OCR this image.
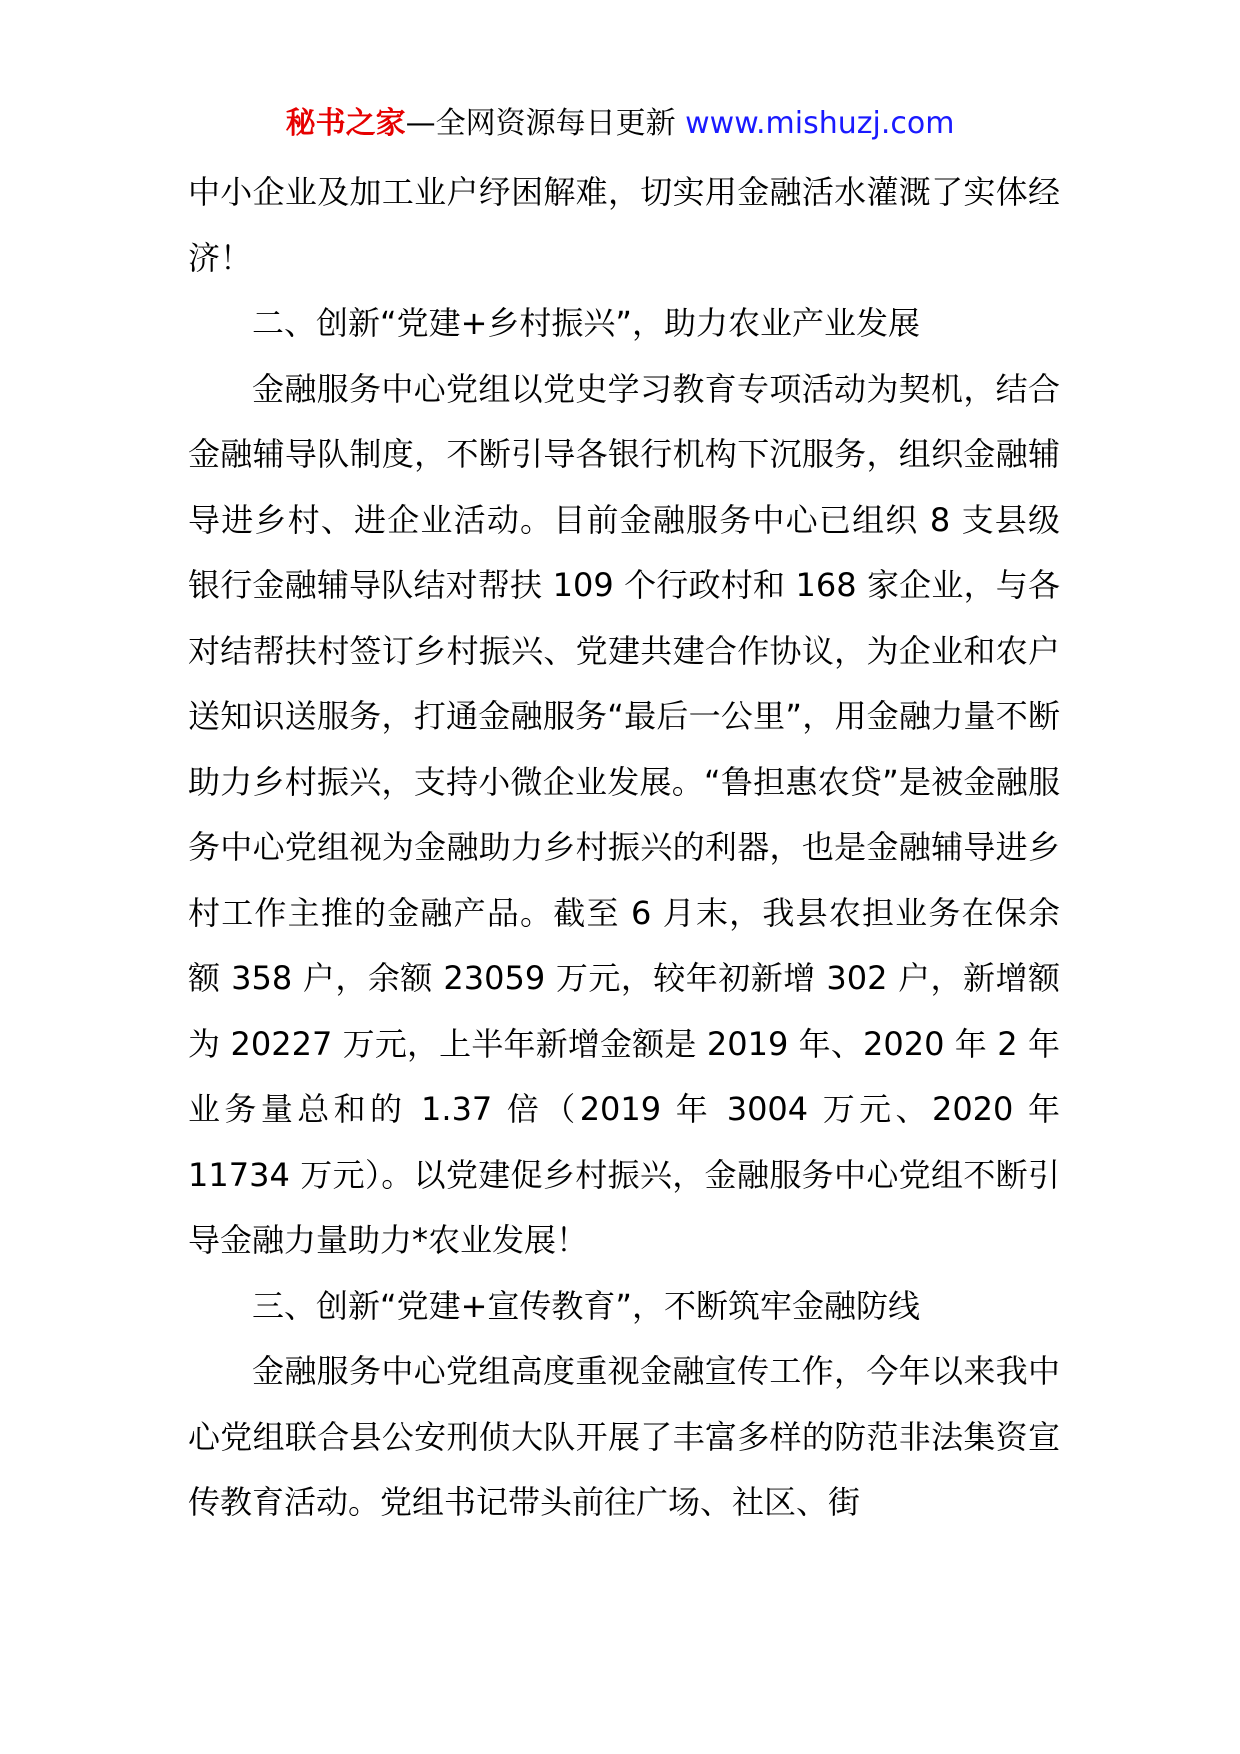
秘书之家—全网资源每日更新 www.mishuzj.com

中小企业及加工业户纾困解难，切实用金融活水灌溉了实体经济！

二、创新“党建+乡村振兴”，助力农业产业发展

金融服务中心党组以党史学习教育专项活动为契机，结合金融辅导队制度，不断引导各银行机构下沉服务，组织金融辅导进乡村、进企业活动。目前金融服务中心已组织 8 支县级银行金融辅导队结对帮扶 109 个行政村和 168 家企业，与各对结帮扶村签订乡村振兴、党建共建合作协议，为企业和农户送知识送服务，打通金融服务“最后一公里”，用金融力量不断助力乡村振兴，支持小微企业发展。“鲁担惠农贷”是被金融服务中心党组视为金融助力乡村振兴的利器，也是金融辅导进乡村工作主推的金融产品。截至 6 月末，我县农担业务在保余额 358 户，余额 23059 万元，较年初新增 302 户，新增额为 20227 万元，上半年新增金额是 2019 年、2020 年 2 年业务量总和的 1.37 倍（2019 年 3004 万元、2020 年 11734 万元）。以党建促乡村振兴，金融服务中心党组不断引导金融力量助力*农业发展！

三、创新“党建+宣传教育”，不断筑牢金融防线

金融服务中心党组高度重视金融宣传工作，今年以来我中心党组联合县公安刑侦大队开展了丰富多样的防范非法集资宣传教育活动。党组书记带头前往广场、社区、街
